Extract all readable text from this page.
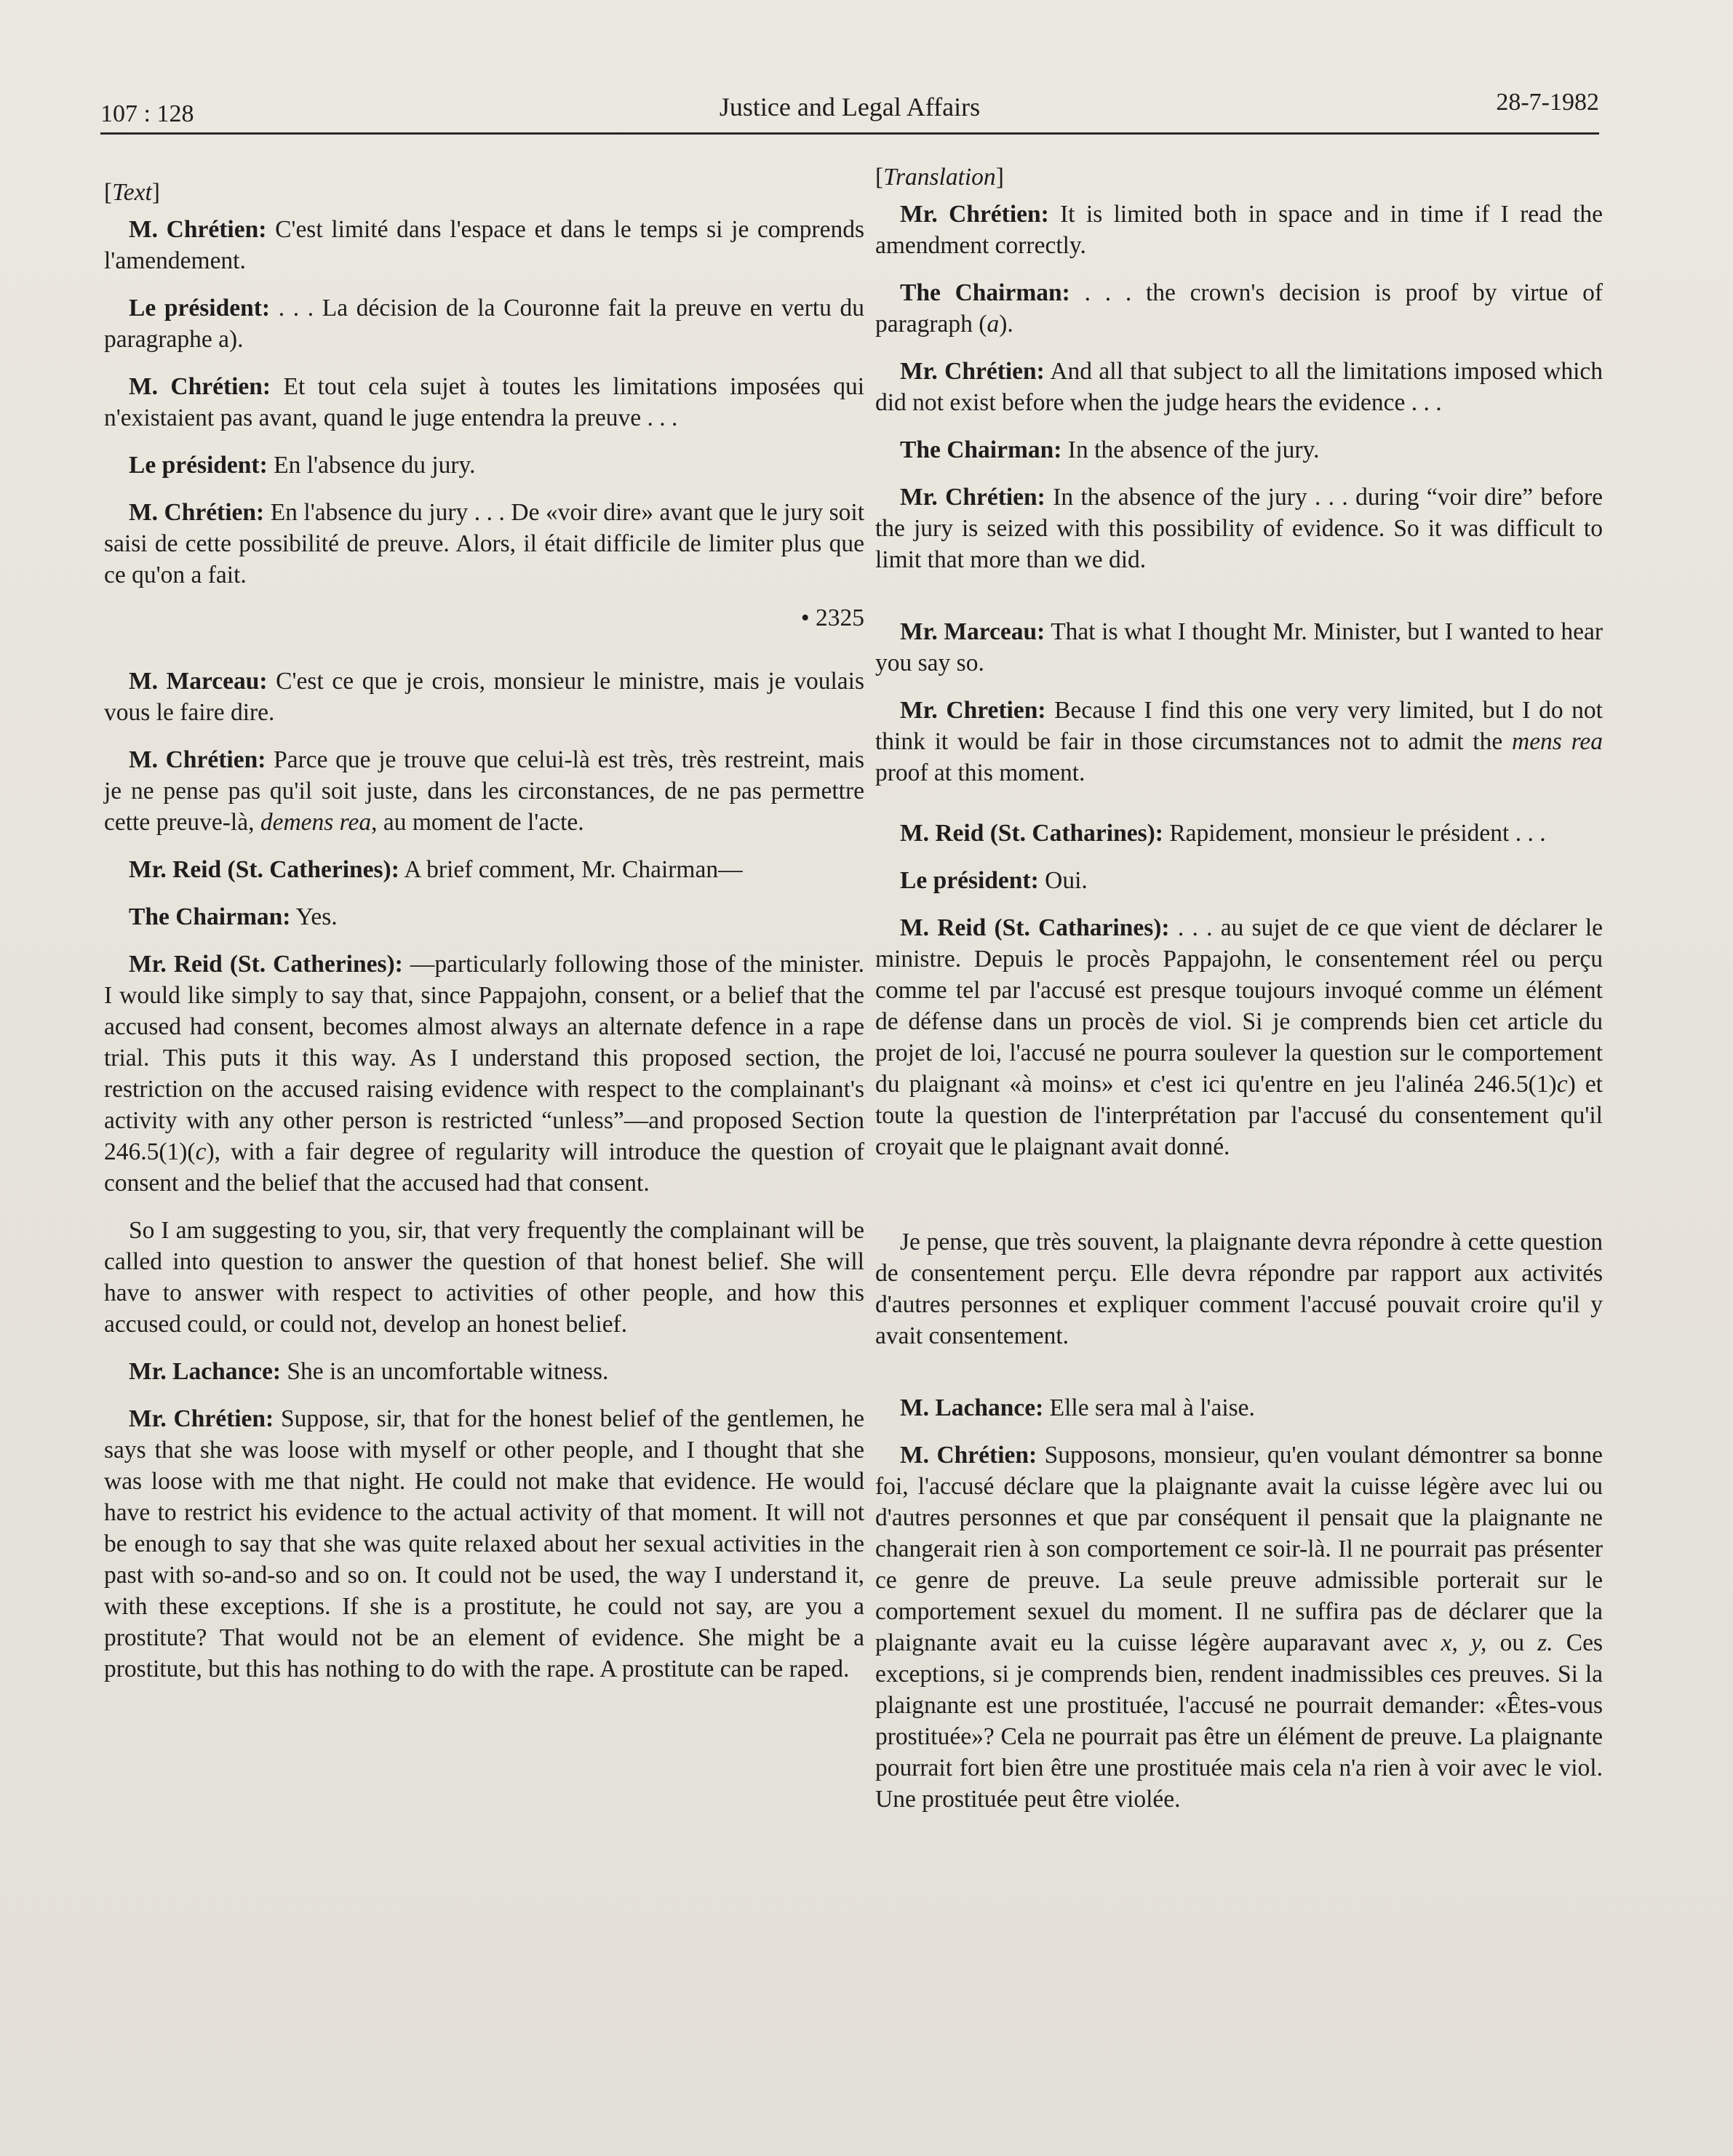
107 : 128	Justice and Legal Affairs	28-7-1982

[Text]

M. Chrétien: C'est limité dans l'espace et dans le temps si je comprends l'amendement.

Le président: . . . La décision de la Couronne fait la preuve en vertu du paragraphe a).

M. Chrétien: Et tout cela sujet à toutes les limitations imposées qui n'existaient pas avant, quand le juge entendra la preuve . . .

Le président: En l'absence du jury.

M. Chrétien: En l'absence du jury . . . De «voir dire» avant que le jury soit saisi de cette possibilité de preuve. Alors, il était difficile de limiter plus que ce qu'on a fait.

• 2325

M. Marceau: C'est ce que je crois, monsieur le ministre, mais je voulais vous le faire dire.

M. Chrétien: Parce que je trouve que celui-là est très, très restreint, mais je ne pense pas qu'il soit juste, dans les circonstances, de ne pas permettre cette preuve-là, demens rea, au moment de l'acte.

Mr. Reid (St. Catherines): A brief comment, Mr. Chairman—

The Chairman: Yes.

Mr. Reid (St. Catherines): —particularly following those of the minister. I would like simply to say that, since Pappajohn, consent, or a belief that the accused had consent, becomes almost always an alternate defence in a rape trial. This puts it this way. As I understand this proposed section, the restriction on the accused raising evidence with respect to the complainant's activity with any other person is restricted “unless”—and proposed Section 246.5(1)(c), with a fair degree of regularity will introduce the question of consent and the belief that the accused had that consent.

So I am suggesting to you, sir, that very frequently the complainant will be called into question to answer the question of that honest belief. She will have to answer with respect to activities of other people, and how this accused could, or could not, develop an honest belief.

Mr. Lachance: She is an uncomfortable witness.

Mr. Chrétien: Suppose, sir, that for the honest belief of the gentlemen, he says that she was loose with myself or other people, and I thought that she was loose with me that night. He could not make that evidence. He would have to restrict his evidence to the actual activity of that moment. It will not be enough to say that she was quite relaxed about her sexual activities in the past with so-and-so and so on. It could not be used, the way I understand it, with these exceptions. If she is a prostitute, he could not say, are you a prostitute? That would not be an element of evidence. She might be a prostitute, but this has nothing to do with the rape. A prostitute can be raped.

[Translation]

Mr. Chrétien: It is limited both in space and in time if I read the amendment correctly.

The Chairman: . . . the crown's decision is proof by virtue of paragraph (a).

Mr. Chrétien: And all that subject to all the limitations imposed which did not exist before when the judge hears the evidence . . .

The Chairman: In the absence of the jury.

Mr. Chrétien: In the absence of the jury . . . during “voir dire” before the jury is seized with this possibility of evidence. So it was difficult to limit that more than we did.

Mr. Marceau: That is what I thought Mr. Minister, but I wanted to hear you say so.

Mr. Chretien: Because I find this one very very limited, but I do not think it would be fair in those circumstances not to admit the mens rea proof at this moment.

M. Reid (St. Catharines): Rapidement, monsieur le président . . .

Le président: Oui.

M. Reid (St. Catharines): . . . au sujet de ce que vient de déclarer le ministre. Depuis le procès Pappajohn, le consentement réel ou perçu comme tel par l'accusé est presque toujours invoqué comme un élément de défense dans un procès de viol. Si je comprends bien cet article du projet de loi, l'accusé ne pourra soulever la question sur le comportement du plaignant «à moins» et c'est ici qu'entre en jeu l'alinéa 246.5(1)c) et toute la question de l'interprétation par l'accusé du consentement qu'il croyait que le plaignant avait donné.

Je pense, que très souvent, la plaignante devra répondre à cette question de consentement perçu. Elle devra répondre par rapport aux activités d'autres personnes et expliquer comment l'accusé pouvait croire qu'il y avait consentement.

M. Lachance: Elle sera mal à l'aise.

M. Chrétien: Supposons, monsieur, qu'en voulant démontrer sa bonne foi, l'accusé déclare que la plaignante avait la cuisse légère avec lui ou d'autres personnes et que par conséquent il pensait que la plaignante ne changerait rien à son comportement ce soir-là. Il ne pourrait pas présenter ce genre de preuve. La seule preuve admissible porterait sur le comportement sexuel du moment. Il ne suffira pas de déclarer que la plaignante avait eu la cuisse légère auparavant avec x, y, ou z. Ces exceptions, si je comprends bien, rendent inadmissibles ces preuves. Si la plaignante est une prostituée, l'accusé ne pourrait demander: «Êtes-vous prostituée»? Cela ne pourrait pas être un élément de preuve. La plaignante pourrait fort bien être une prostituée mais cela n'a rien à voir avec le viol. Une prostituée peut être violée.
